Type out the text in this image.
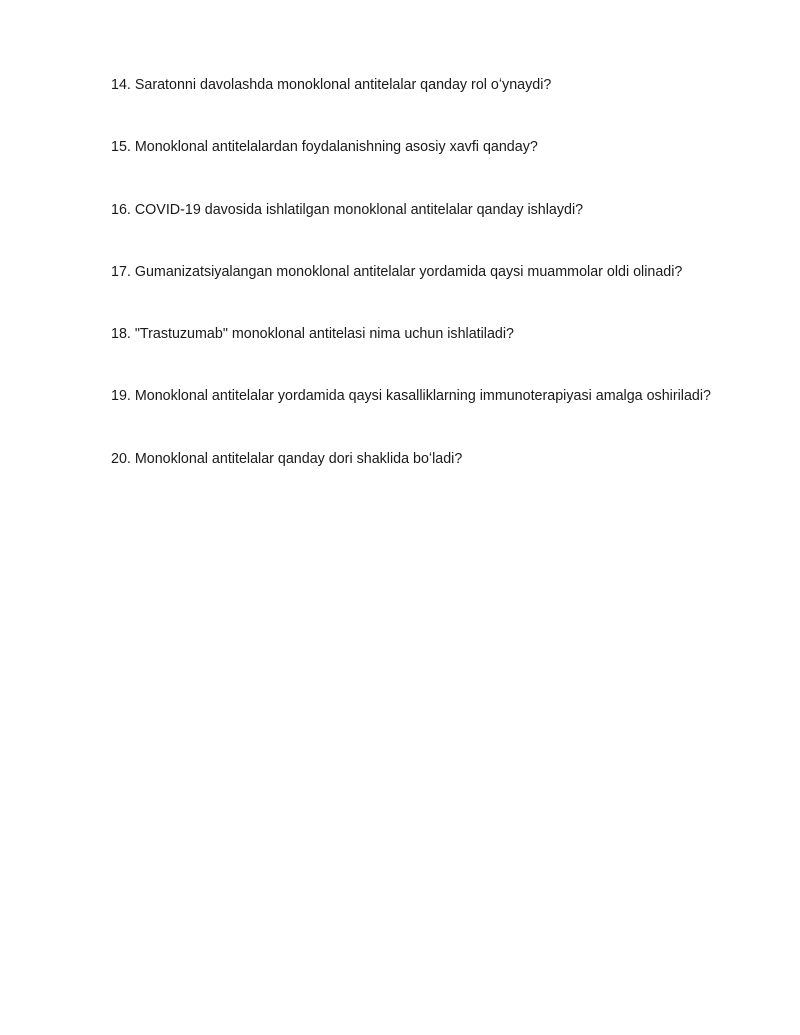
14. Saratonni davolashda monoklonal antitelalar qanday rol oʻynaydi?
15. Monoklonal antitelalardan foydalanishning asosiy xavfi qanday?
16. COVID-19 davosida ishlatilgan monoklonal antitelalar qanday ishlaydi?
17. Gumanizatsiyalangan monoklonal antitelalar yordamida qaysi muammolar oldi olinadi?
18. "Trastuzumab" monoklonal antitelasi nima uchun ishlatiladi?
19. Monoklonal antitelalar yordamida qaysi kasalliklarning immunoterapiyasi amalga oshiriladi?
20. Monoklonal antitelalar qanday dori shaklida boʻladi?
